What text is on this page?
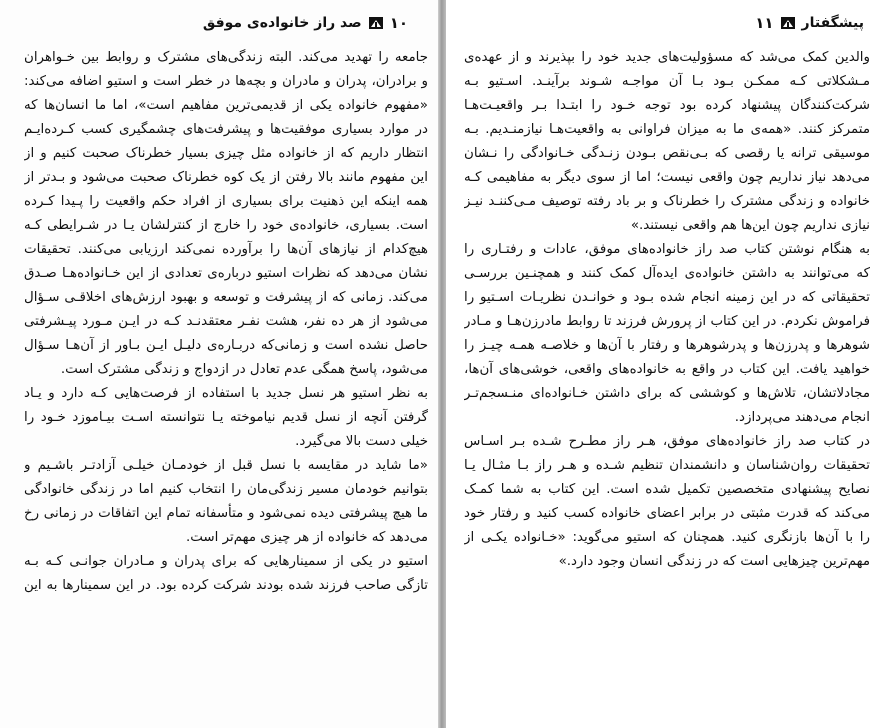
۱۰
صد راز خانواده‌ی موفق
جامعه را تهدید می‌کند. البته زندگی‌های مشترک و روابط بین خـواهران
و برادران، پدران و مادران و بچه‌ها در خطر است و استیو اضافه می‌کند:
«مفهوم خانواده یکی از قدیمی‌ترین مفاهیم است»، اما ما انسان‌ها که
در موارد بسیاری موفقیت‌ها و پیشرفت‌های چشمگیری کسب کـرده‌ایـم
انتظار داریم که از خانواده مثل چیزی بسیار خطرناک صحبت کنیم و از
این مفهوم مانند بالا رفتن از یک کوه خطرناک صحبت می‌شود و بـدتر از
همه اینکه این ذهنیت برای بسیاری از افراد حکم واقعیت را پـیدا کـرده
است. بسیاری، خانواده‌ی خود را خارج از کنترلشان یـا در شـرایطی کـه
هیچ‌کدام از نیازهای آن‌ها را برآورده نمی‌کند ارزیابی می‌کنند. تحقیقات
نشان می‌دهد که نظرات استیو درباره‌ی تعدادی از این خـانواده‌هـا صـدق
می‌کند. زمانی که از پیشرفت و توسعه و بهبود ارزش‌های اخلاقـی سـؤال
می‌شود از هر ده نفر، هشت نفـر معتقدنـد کـه در ایـن مـورد پیـشرفتی
حاصل نشده است و زمانی‌که دربـاره‌ی دلیـل ایـن بـاور از آن‌هـا سـؤال
می‌شود، پاسخ همگی عدم تعادل در ازدواج و زندگی مشترک است.
به نظر استیو هر نسل جدید با استفاده از فرصت‌هایی کـه دارد و یـاد
گرفتن آنچه از نسل قدیم نیاموخته یـا نتوانسته اسـت بیـاموزد خـود را
خیلی دست بالا می‌گیرد.
«ما شاید در مقایسه با نسل قبل از خودمـان خیلـی آزادتـر باشـیم و
بتوانیم خودمان مسیر زندگی‌مان را انتخاب کنیم اما در زندگی خانوادگی
ما هیچ پیشرفتی دیده نمی‌شود و متأسفانه تمام این اتفاقات در زمانی رخ
می‌دهد که خانواده از هر چیزی مهم‌تر است.
استیو در یکی از سمینارهایی که برای پدران و مـادران جوانـی کـه بـه
تازگی صاحب فرزند شده بودند شرکت کرده بود. در این سمینارها به این
پیشگفتار
۱۱
والدین کمک می‌شد که مسؤولیت‌های جدید خود را بپذیرند و از عهده‌ی
مـشکلاتی کـه ممکـن بـود بـا آن مواجـه شـوند برآینـد. اسـتیو بـه
شرکت‌کنندگان پیشنهاد کرده بود توجه خـود را ابتـدا بـر واقعیـت‌هـا
متمرکز کنند. «همه‌ی ما به میزان فراوانی به واقعیت‌هـا نیازمنـدیم. بـه
موسیقی ترانه یا رقصی که بـی‌نقص بـودن زنـدگی خـانوادگی را نـشان
می‌دهد نیاز نداریم چون واقعی نیست؛ اما از سوی دیگر به مفاهیمی کـه
خانواده و زندگی مشترک را خطرناک و بر باد رفته توصیف مـی‌کننـد نیـز
نیازی نداریم چون این‌ها هم واقعی نیستند.»
به هنگام نوشتن کتاب صد راز خانواده‌های موفق، عادات و رفتـاری را
که می‌توانند به داشتن خانواده‌ی ایده‌آل کمک کنند و همچنـین بررسـی
تحقیقاتی که در این زمینه انجام شده بـود و خوانـدن نظریـات اسـتیو را
فراموش نکردم. در این کتاب از پرورش فرزند تا روابط مادرزن‌هـا و مـادر
شوهرها و پدرزن‌ها و پدرشوهرها و رفتار با آن‌ها و خلاصـه همـه چیـز را
خواهید یافت. این کتاب در واقع به خانواده‌های واقعی، خوشی‌های آن‌ها،
مجادلاتشان، تلاش‌ها و کوششی که برای داشتن خـانواده‌ای منـسجم‌تـر
انجام می‌دهند می‌پردازد.
در کتاب صد راز خانواده‌های موفق، هـر راز مطـرح شـده بـر اسـاس
تحقیقات روان‌شناسان و دانشمندان تنظیم شـده و هـر راز بـا مثـال یـا
نصایح پیشنهادی متخصصین تکمیل شده است. این کتاب به شما کمـک
می‌کند که قدرت مثبتی در برابر اعضای خانواده کسب کنید و رفتار خود
را با آن‌ها بازنگری کنید. همچنان که استیو می‌گوید: «خـانواده یکـی از
مهم‌ترین چیزهایی است که در زندگی انسان وجود دارد.»
